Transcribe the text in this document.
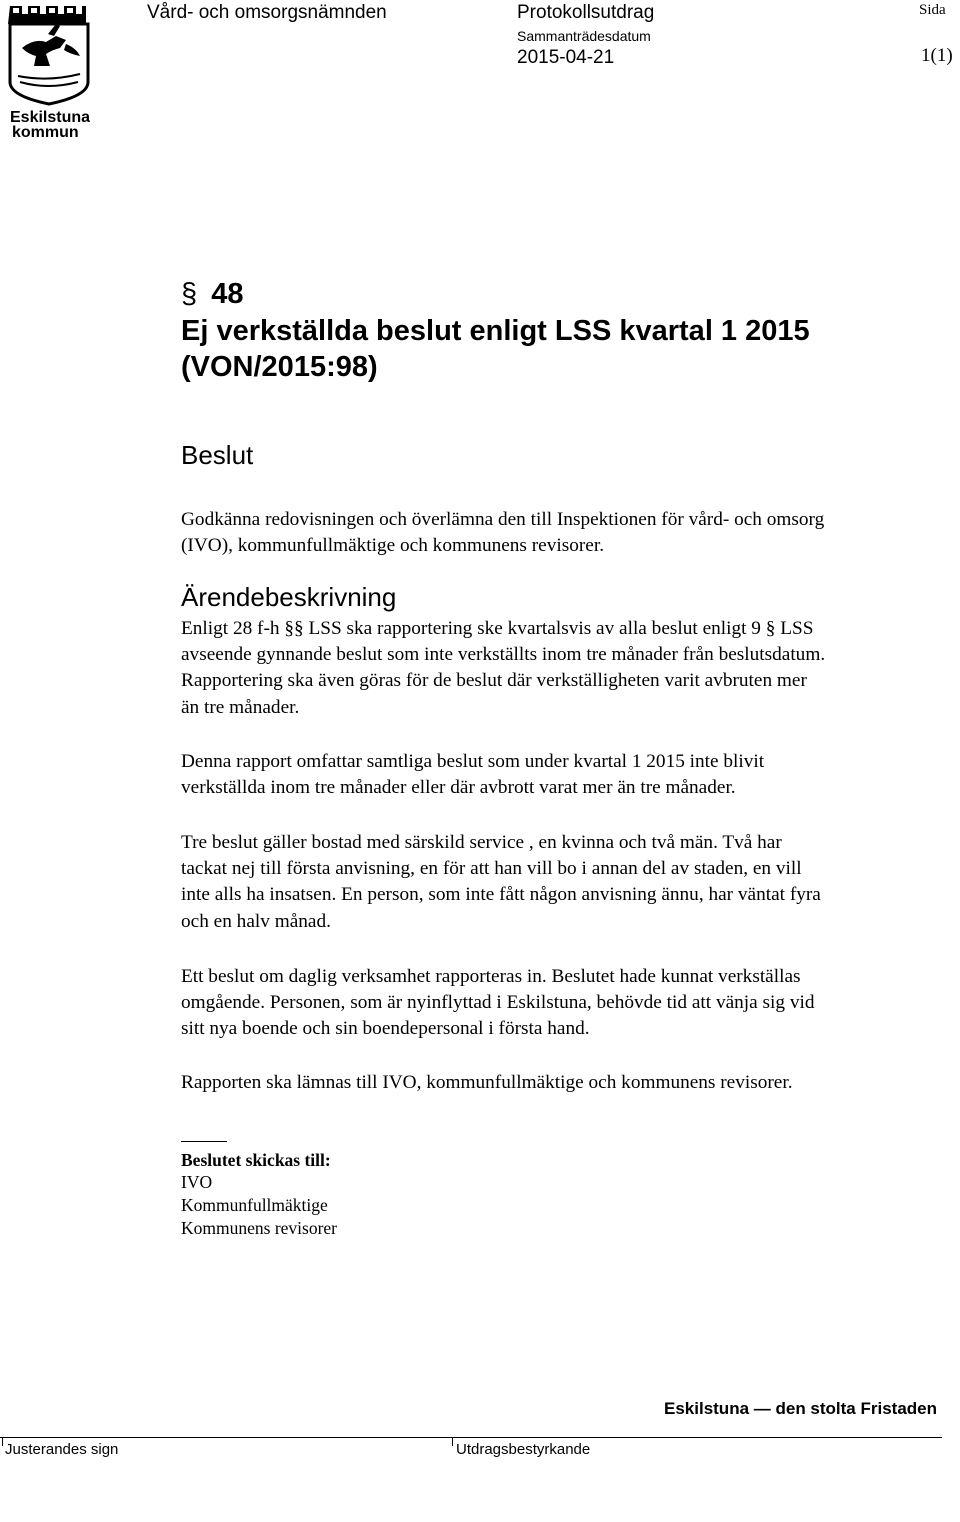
Eskilstuna
kommun
Vård- och omsorgsnämnden	Protokollsutdrag	Sida
Sammanträdesdatum
2015-04-21	1(1)
§ 48
Ej verkställda beslut enligt LSS kvartal 1 2015
(VON/2015:98)
Beslut

Godkänna redovisningen och överlämna den till Inspektionen för vård- och omsorg

(IVO), kommunfullmäktige och kommunens revisorer.

Ärendebeskrivning

Enligt 28 f-h §§ LSS ska rapportering ske kvartalsvis av alla beslut enligt 9 § LSS

avseende gynnande beslut som inte verkställts inom tre månader från beslutsdatum.

Rapportering ska även göras för de beslut där verkställigheten varit avbruten mer

än tre månader.

Denna rapport omfattar samtliga beslut som under kvartal 1 2015 inte blivit

verkställda inom tre månader eller där avbrott varat mer än tre månader.

Tre beslut gäller bostad med särskild service , en kvinna och två män. Två har

tackat nej till första anvisning, en för att han vill bo i annan del av staden, en vill

inte alls ha insatsen. En person, som inte fått någon anvisning ännu, har väntat fyra

och en halv månad.

Ett beslut om daglig verksamhet rapporteras in. Beslutet hade kunnat verkställas

omgående. Personen, som är nyinflyttad i Eskilstuna, behövde tid att vänja sig vid

sitt nya boende och sin boendepersonal i första hand.

Rapporten ska lämnas till IVO, kommunfullmäktige och kommunens revisorer.

Beslutet skickas till:
IVO
Kommunfullmäktige
Kommunens revisorer
Eskilstuna — den stolta Fristaden
Justerandes sign	Utdragsbestyrkande
